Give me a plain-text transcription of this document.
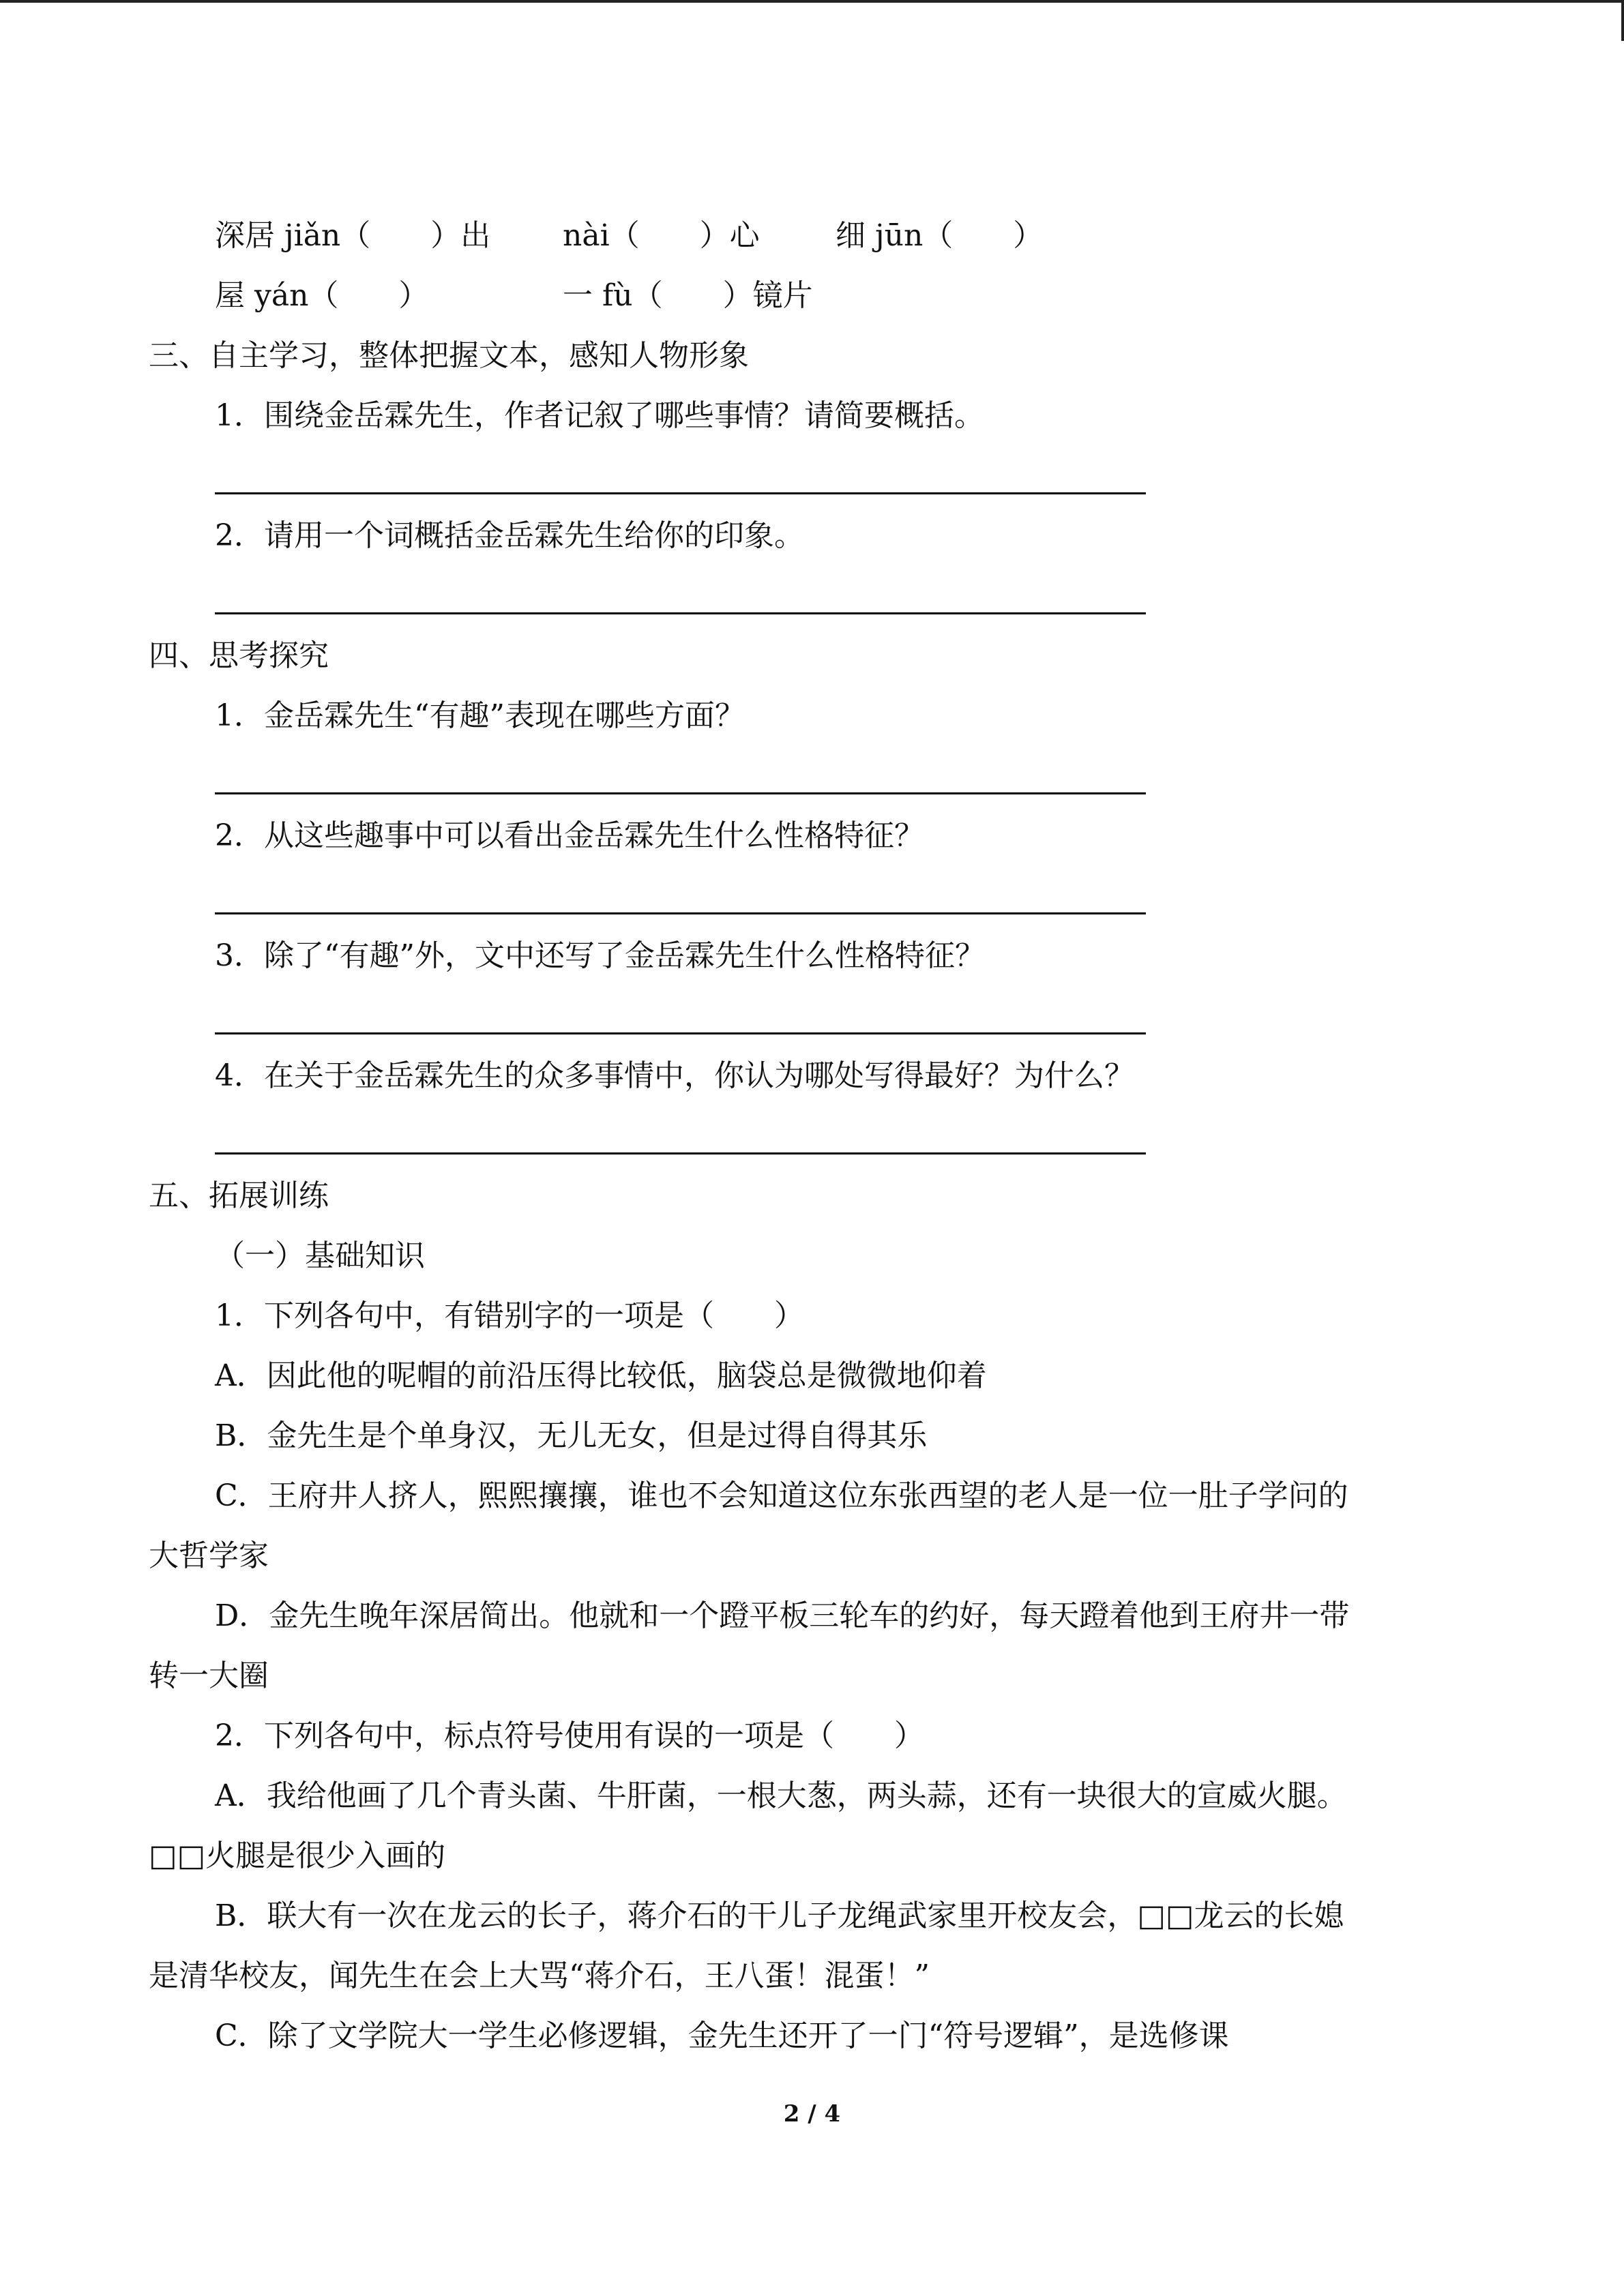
深居 jiǎn（　　）出 nài（　　）心	细 jūn（　　）
屋 yán（　　）	一 fù（　　）镜片
三、自主学习，整体把握文本，感知人物形象
1．围绕金岳霖先生，作者记叙了哪些事情？请简要概括。
2．请用一个词概括金岳霖先生给你的印象。
四、思考探究
1．金岳霖先生“有趣”表现在哪些方面？
2．从这些趣事中可以看出金岳霖先生什么性格特征？
3．除了“有趣”外，文中还写了金岳霖先生什么性格特征？
4．在关于金岳霖先生的众多事情中，你认为哪处写得最好？为什么？
五、拓展训练
（一）基础知识
1．下列各句中，有错别字的一项是（　　）
A．因此他的呢帽的前沿压得比较低，脑袋总是微微地仰着
B．金先生是个单身汉，无儿无女，但是过得自得其乐
C．王府井人挤人，熙熙攘攘，谁也不会知道这位东张西望的老人是一位一肚子学问的
大哲学家
D．金先生晚年深居简出。他就和一个蹬平板三轮车的约好，每天蹬着他到王府井一带
转一大圈
2．下列各句中，标点符号使用有误的一项是（　　）
A．我给他画了几个青头菌、牛肝菌，一根大葱，两头蒜，还有一块很大的宣威火腿。
□□火腿是很少入画的
B．联大有一次在龙云的长子，蒋介石的干儿子龙绳武家里开校友会，□□龙云的长媳
是清华校友，闻先生在会上大骂“蒋介石，王八蛋！混蛋！”
C．除了文学院大一学生必修逻辑，金先生还开了一门“符号逻辑”，是选修课
2 / 4
